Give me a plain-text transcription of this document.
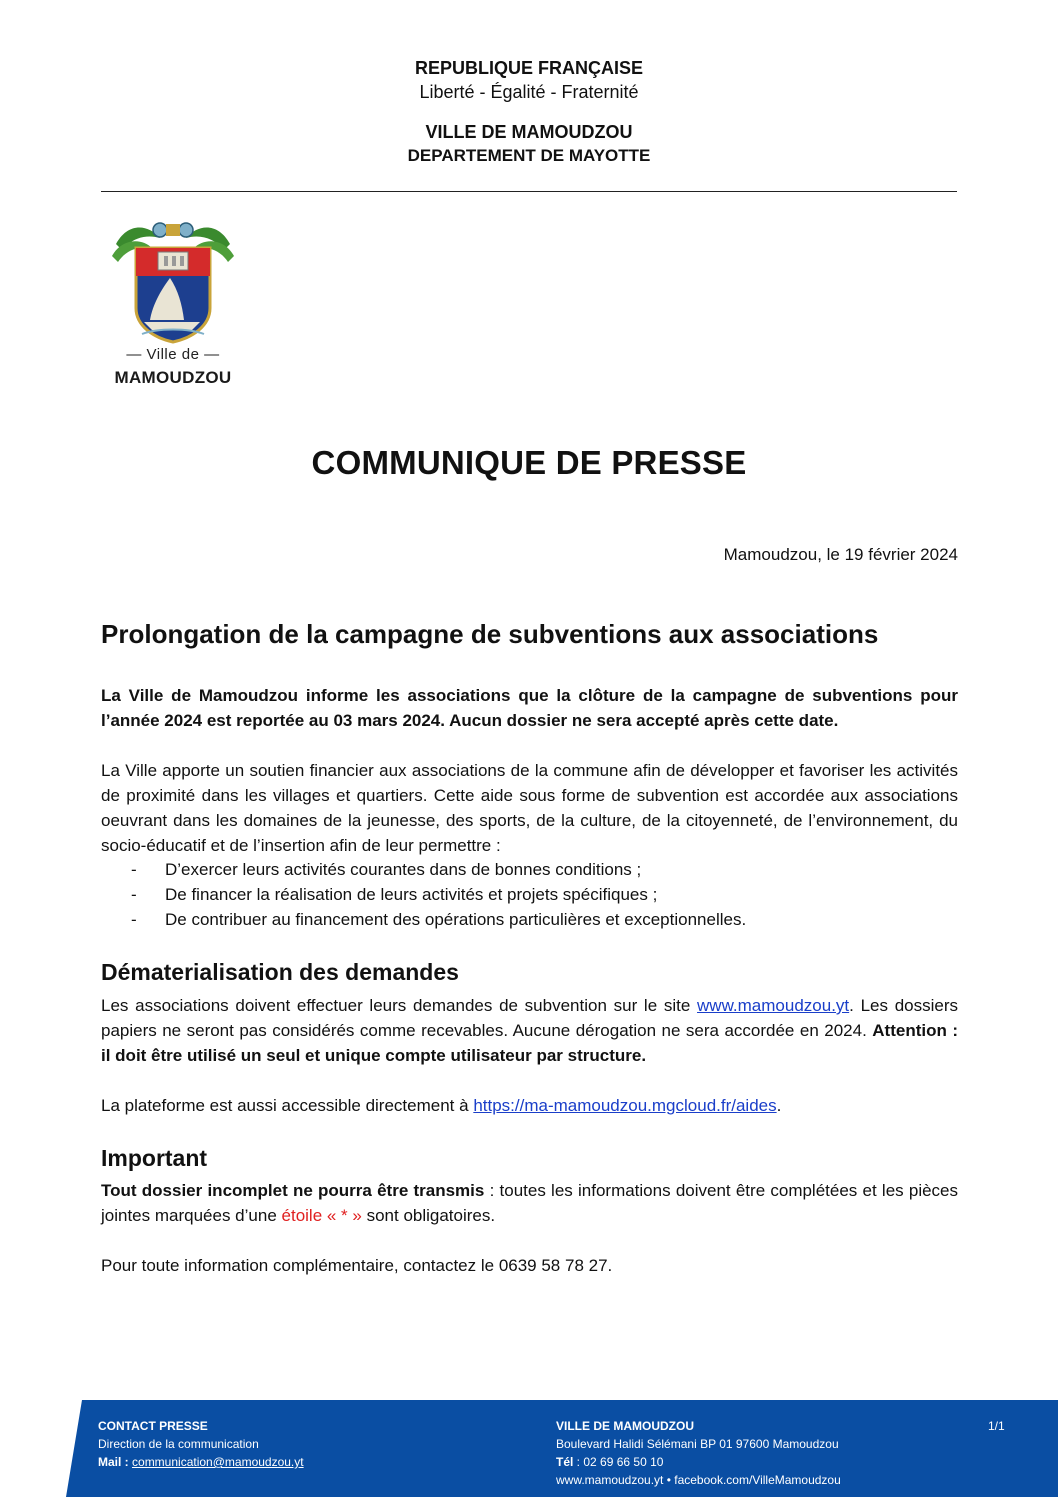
REPUBLIQUE FRANÇAISE
Liberté - Égalité - Fraternité
VILLE DE MAMOUDZOU
DEPARTEMENT DE MAYOTTE
— Ville de —
MAMOUDZOU
COMMUNIQUE DE PRESSE
Mamoudzou, le 19 février 2024
Prolongation de la campagne de subventions aux associations
La Ville de Mamoudzou informe les associations que la clôture de la campagne de subventions pour l’année 2024 est reportée au 03 mars 2024. Aucun dossier ne sera accepté après cette date.
La Ville apporte un soutien financier aux associations de la commune afin de développer et favoriser les activités de proximité dans les villages et quartiers. Cette aide sous forme de subvention est accordée aux associations oeuvrant dans les domaines de la jeunesse, des sports, de la culture, de la citoyenneté, de l’environnement, du socio-éducatif et de l’insertion afin de leur permettre :
-	D’exercer leurs activités courantes dans de bonnes conditions ;
-	De financer la réalisation de leurs activités et projets spécifiques ;
-	De contribuer au financement des opérations particulières et exceptionnelles.
Dématerialisation des demandes
Les associations doivent effectuer leurs demandes de subvention sur le site www.mamoudzou.yt. Les dossiers papiers ne seront pas considérés comme recevables. Aucune dérogation ne sera accordée en 2024. Attention : il doit être utilisé un seul et unique compte utilisateur par structure.
La plateforme est aussi accessible directement à https://ma-mamoudzou.mgcloud.fr/aides.
Important
Tout dossier incomplet ne pourra être transmis : toutes les informations doivent être complétées et les pièces jointes marquées d’une étoile « * » sont obligatoires.
Pour toute information complémentaire, contactez le 0639 58 78 27.
CONTACT PRESSE
Direction de la communication
Mail : communication@mamoudzou.yt
VILLE DE MAMOUDZOU
Boulevard Halidi Sélémani BP 01 97600 Mamoudzou
Tél : 02 69 66 50 10
www.mamoudzou.yt • facebook.com/VilleMamoudzou
1/1
